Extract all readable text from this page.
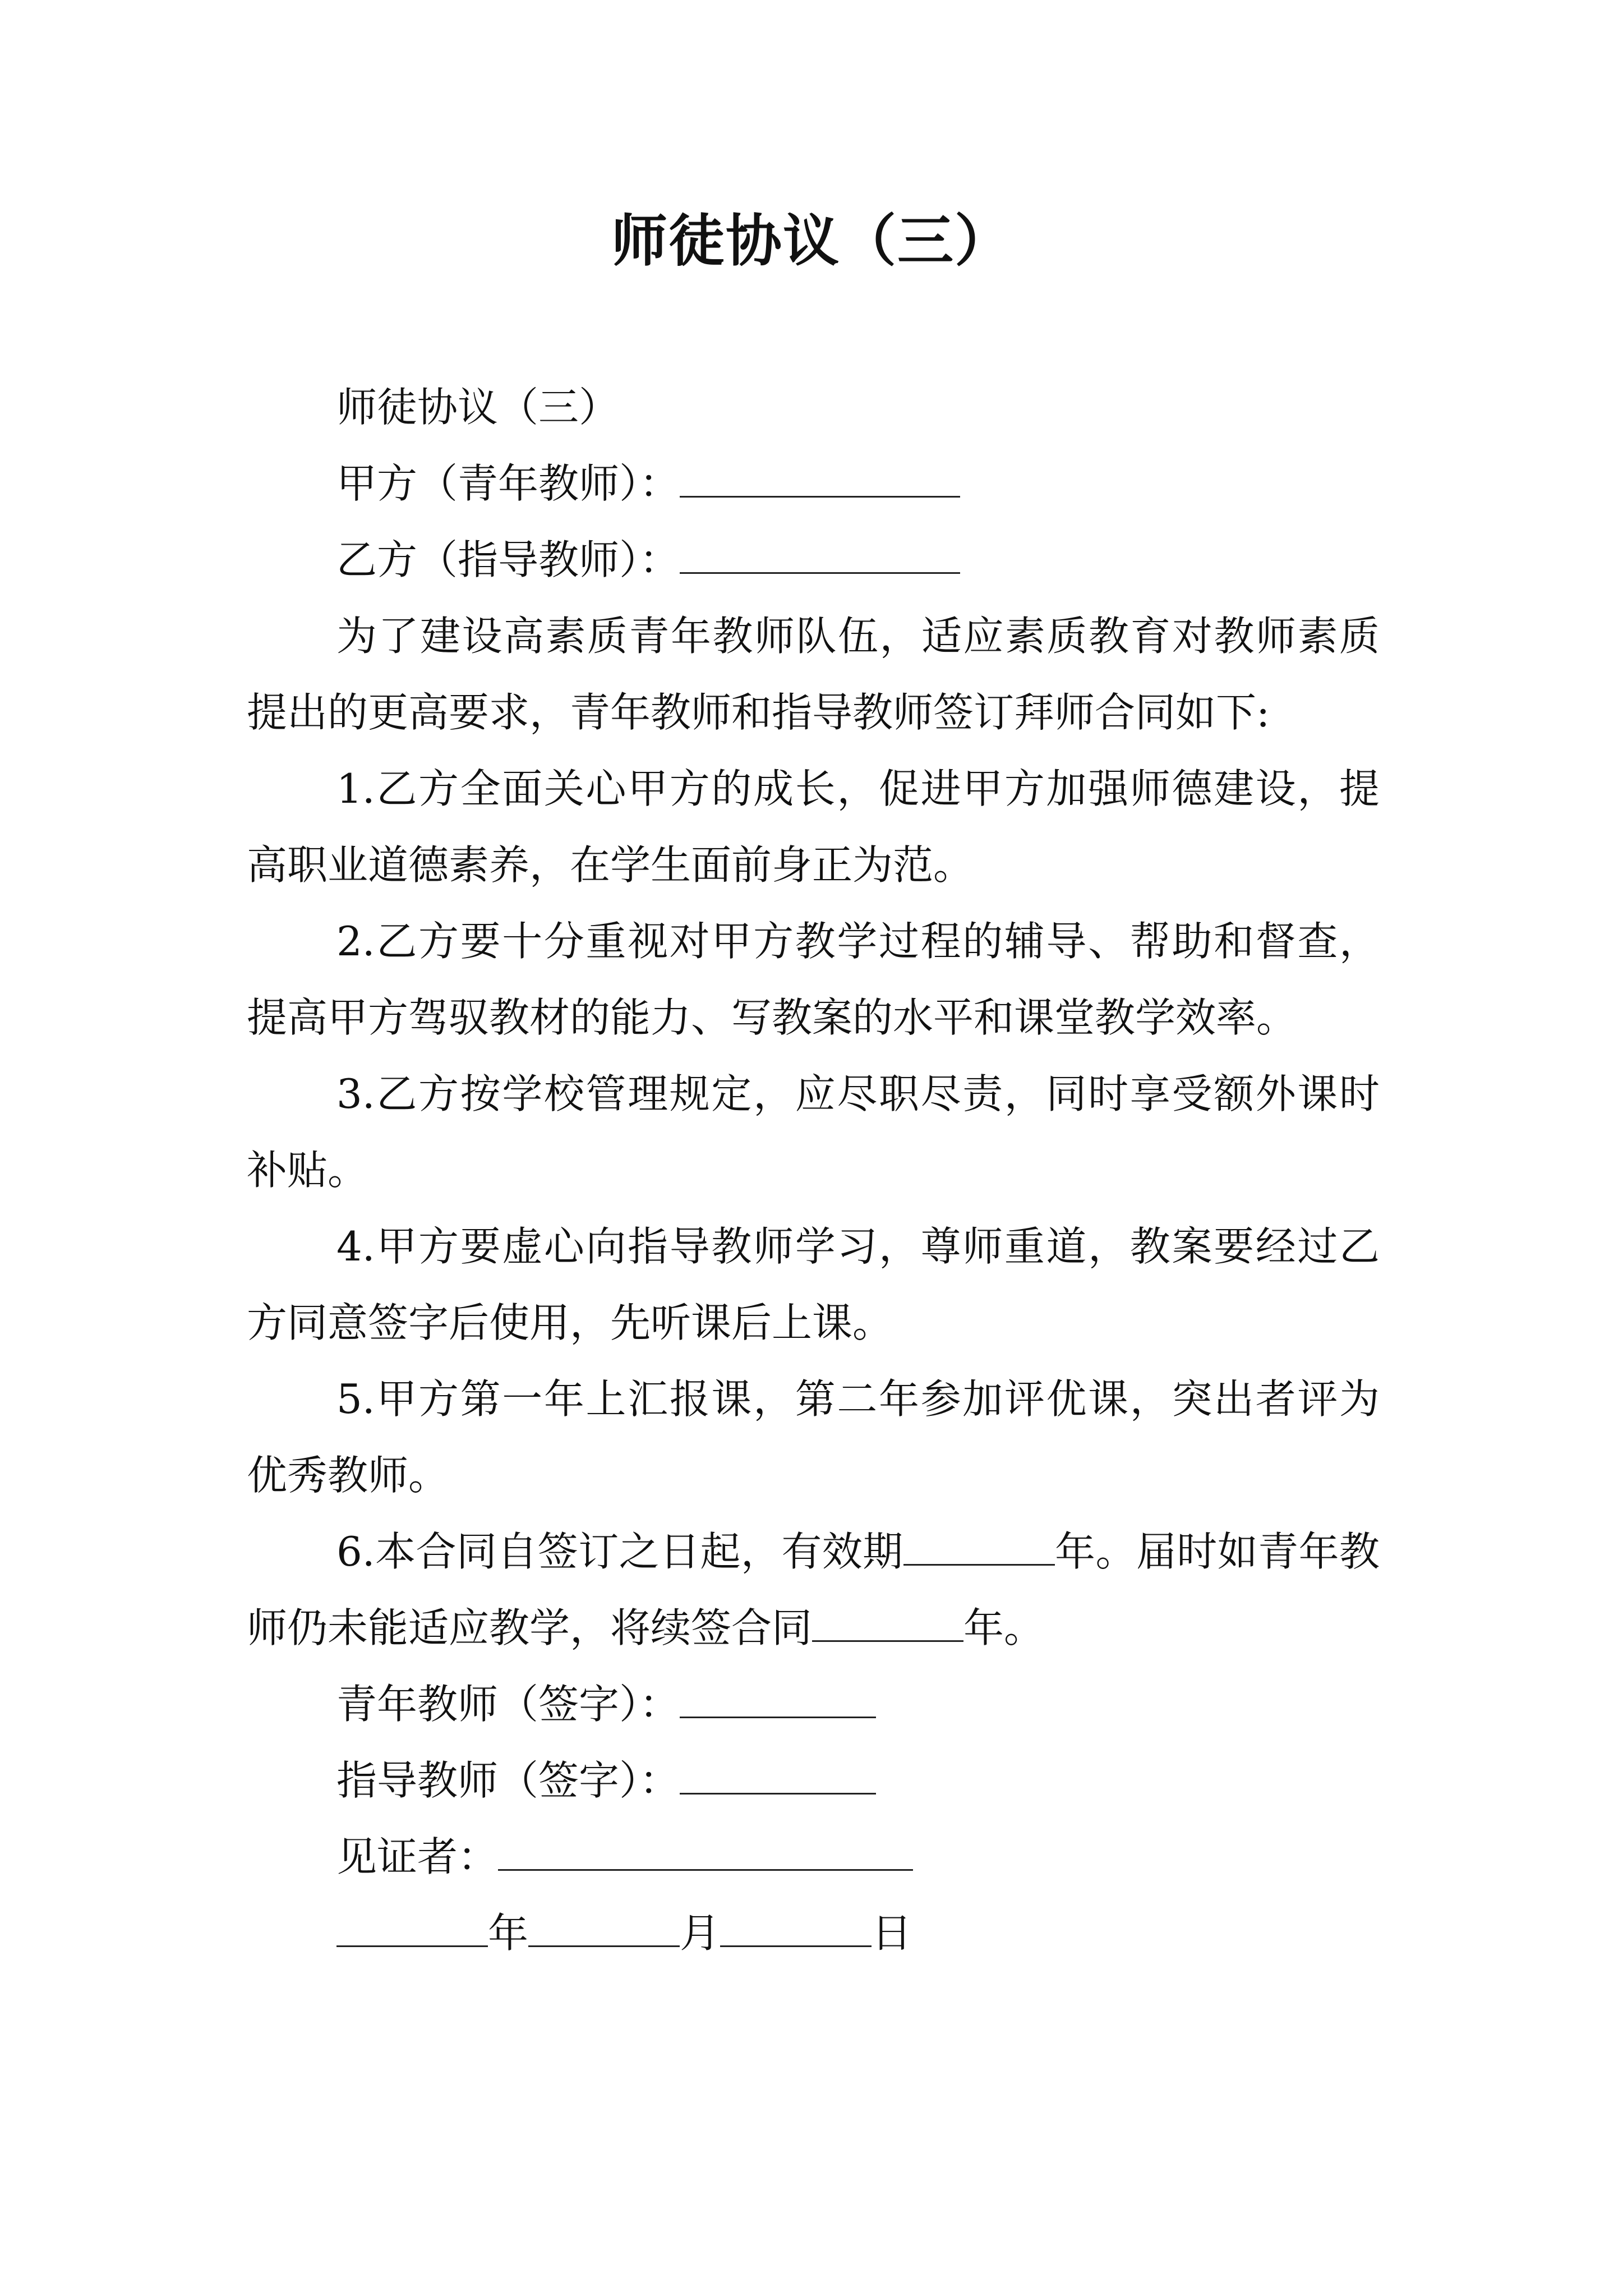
师徒协议（三）
师徒协议（三）
甲方（青年教师）：
乙方（指导教师）：
为了建设高素质青年教师队伍，适应素质教育对教师素质提出的更高要求，青年教师和指导教师签订拜师合同如下:
1.乙方全面关心甲方的成长，促进甲方加强师德建设，提高职业道德素养，在学生面前身正为范。
2.乙方要十分重视对甲方教学过程的辅导、帮助和督查，提高甲方驾驭教材的能力、写教案的水平和课堂教学效率。
3.乙方按学校管理规定，应尽职尽责，同时享受额外课时补贴。
4.甲方要虚心向指导教师学习，尊师重道，教案要经过乙方同意签字后使用，先听课后上课。
5.甲方第一年上汇报课，第二年参加评优课，突出者评为优秀教师。
6.本合同自签订之日起，有效期	年。届时如青年教师仍未能适应教学，将续签合同	年。
青年教师（签字）：
指导教师（签字）：
见证者：
年	月	日
